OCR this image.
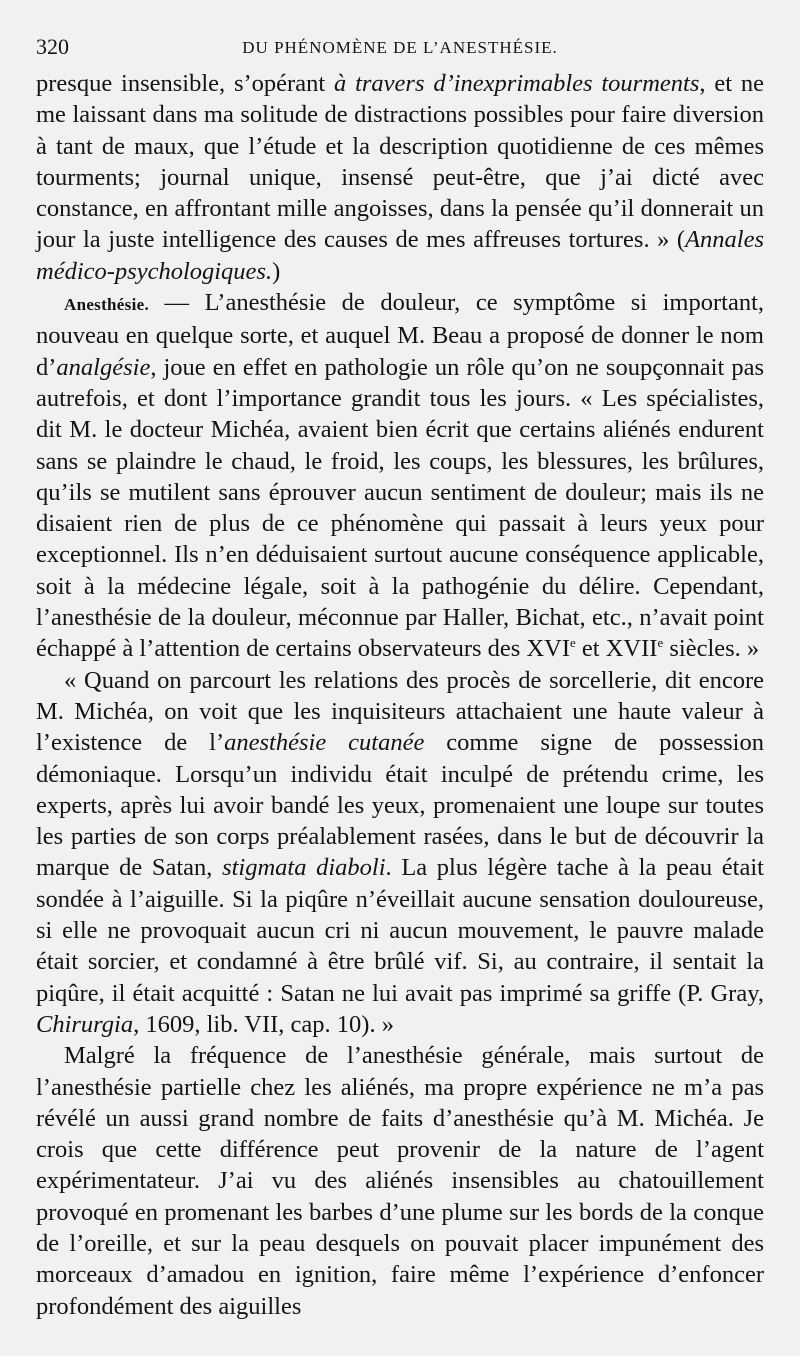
320	DU PHÉNOMÈNE DE L’ANESTHÉSIE.

presque insensible, s’opérant à travers d’inexprimables tourments, et ne me laissant dans ma solitude de distractions possibles pour faire diversion à tant de maux, que l’étude et la description quotidienne de ces mêmes tourments; journal unique, insensé peut-être, que j’ai dicté avec constance, en affrontant mille angoisses, dans la pensée qu’il donnerait un jour la juste intelligence des causes de mes affreuses tortures. » (Annales médico-psychologiques.)

Anesthésie. — L’anesthésie de douleur, ce symptôme si important, nouveau en quelque sorte, et auquel M. Beau a proposé de donner le nom d’analgésie, joue en effet en pathologie un rôle qu’on ne soupçonnait pas autrefois, et dont l’importance grandit tous les jours. « Les spécialistes, dit M. le docteur Michéa, avaient bien écrit que certains aliénés endurent sans se plaindre le chaud, le froid, les coups, les blessures, les brûlures, qu’ils se mutilent sans éprouver aucun sentiment de douleur; mais ils ne disaient rien de plus de ce phénomène qui passait à leurs yeux pour exceptionnel. Ils n’en déduisaient surtout aucune conséquence applicable, soit à la médecine légale, soit à la pathogénie du délire. Cependant, l’anesthésie de la douleur, méconnue par Haller, Bichat, etc., n’avait point échappé à l’attention de certains observateurs des XVIe et XVIIe siècles. »

« Quand on parcourt les relations des procès de sorcellerie, dit encore M. Michéa, on voit que les inquisiteurs attachaient une haute valeur à l’existence de l’anesthésie cutanée comme signe de possession démoniaque. Lorsqu’un individu était inculpé de prétendu crime, les experts, après lui avoir bandé les yeux, promenaient une loupe sur toutes les parties de son corps préalablement rasées, dans le but de découvrir la marque de Satan, stigmata diaboli. La plus légère tache à la peau était sondée à l’aiguille. Si la piqûre n’éveillait aucune sensation douloureuse, si elle ne provoquait aucun cri ni aucun mouvement, le pauvre malade était sorcier, et condamné à être brûlé vif. Si, au contraire, il sentait la piqûre, il était acquitté : Satan ne lui avait pas imprimé sa griffe (P. Gray, Chirurgia, 1609, lib. VII, cap. 10). »

Malgré la fréquence de l’anesthésie générale, mais surtout de l’anesthésie partielle chez les aliénés, ma propre expérience ne m’a pas révélé un aussi grand nombre de faits d’anesthésie qu’à M. Michéa. Je crois que cette différence peut provenir de la nature de l’agent expérimentateur. J’ai vu des aliénés insensibles au chatouillement provoqué en promenant les barbes d’une plume sur les bords de la conque de l’oreille, et sur la peau desquels on pouvait placer impunément des morceaux d’amadou en ignition, faire même l’expérience d’enfoncer profondément des aiguilles
